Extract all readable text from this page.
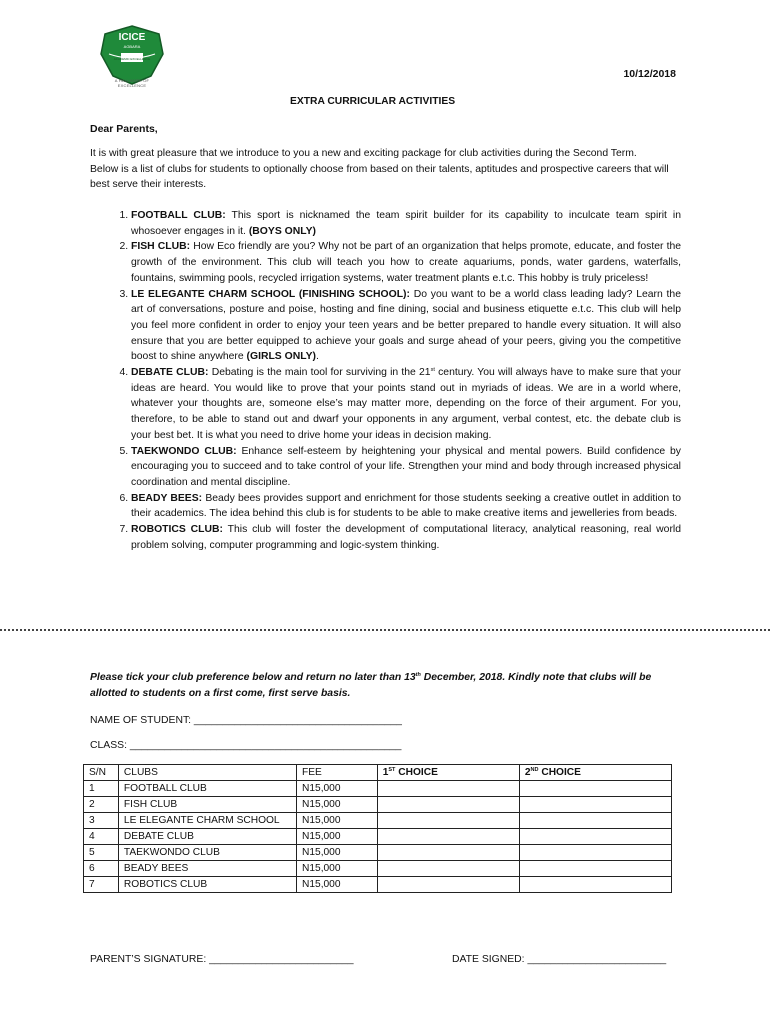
ICICE
AGBARA
ACADEMIC EXCELLENCE
A HALLMARK OF EXCELLENCE
10/12/2018
EXTRA CURRICULAR ACTIVITIES
Dear Parents,

It is with great pleasure that we introduce to you a new and exciting package for club activities during the Second Term.

Below is a list of clubs for students to optionally choose from based on their talents, aptitudes and prospective careers that will best serve their interests.

1. FOOTBALL CLUB: This sport is nicknamed the team spirit builder for its capability to inculcate team spirit in whosoever engages in it. (BOYS ONLY)
2. FISH CLUB: How Eco friendly are you? Why not be part of an organization that helps promote, educate, and foster the growth of the environment. This club will teach you how to create aquariums, ponds, water gardens, waterfalls, fountains, swimming pools, recycled irrigation systems, water treatment plants e.t.c. This hobby is truly priceless!
3. LE ELEGANTE CHARM SCHOOL (FINISHING SCHOOL): Do you want to be a world class leading lady? Learn the art of conversations, posture and poise, hosting and fine dining, social and business etiquette e.t.c. This club will help you feel more confident in order to enjoy your teen years and be better prepared to handle every situation. It will also ensure that you are better equipped to achieve your goals and surge ahead of your peers, giving you the competitive boost to shine anywhere (GIRLS ONLY).
4. DEBATE CLUB: Debating is the main tool for surviving in the 21st century. You will always have to make sure that your ideas are heard. You would like to prove that your points stand out in myriads of ideas. We are in a world where, whatever your thoughts are, someone else’s may matter more, depending on the force of their argument. For you, therefore, to be able to stand out and dwarf your opponents in any argument, verbal contest, etc. the debate club is your best bet. It is what you need to drive home your ideas in decision making.
5. TAEKWONDO CLUB: Enhance self-esteem by heightening your physical and mental powers. Build confidence by encouraging you to succeed and to take control of your life. Strengthen your mind and body through increased physical coordination and mental discipline.
6. BEADY BEES: Beady bees provides support and enrichment for those students seeking a creative outlet in addition to their academics. The idea behind this club is for students to be able to make creative items and jewelleries from beads.
7. ROBOTICS CLUB: This club will foster the development of computational literacy, analytical reasoning, real world problem solving, computer programming and logic-system thinking.
Please tick your club preference below and return no later than 13th December, 2018. Kindly note that clubs will be allotted to students on a first come, first serve basis.
NAME OF STUDENT: ____________________________________
CLASS: _______________________________________________
S/N	CLUBS	FEE	1ST CHOICE	2ND CHOICE
1	FOOTBALL CLUB	N15,000		
2	FISH CLUB	N15,000		
3	LE ELEGANTE CHARM SCHOOL	N15,000		
4	DEBATE CLUB	N15,000		
5	TAEKWONDO CLUB	N15,000		
6	BEADY BEES	N15,000		
7	ROBOTICS CLUB	N15,000		
PARENT’S SIGNATURE: _________________________	DATE SIGNED: ________________________
